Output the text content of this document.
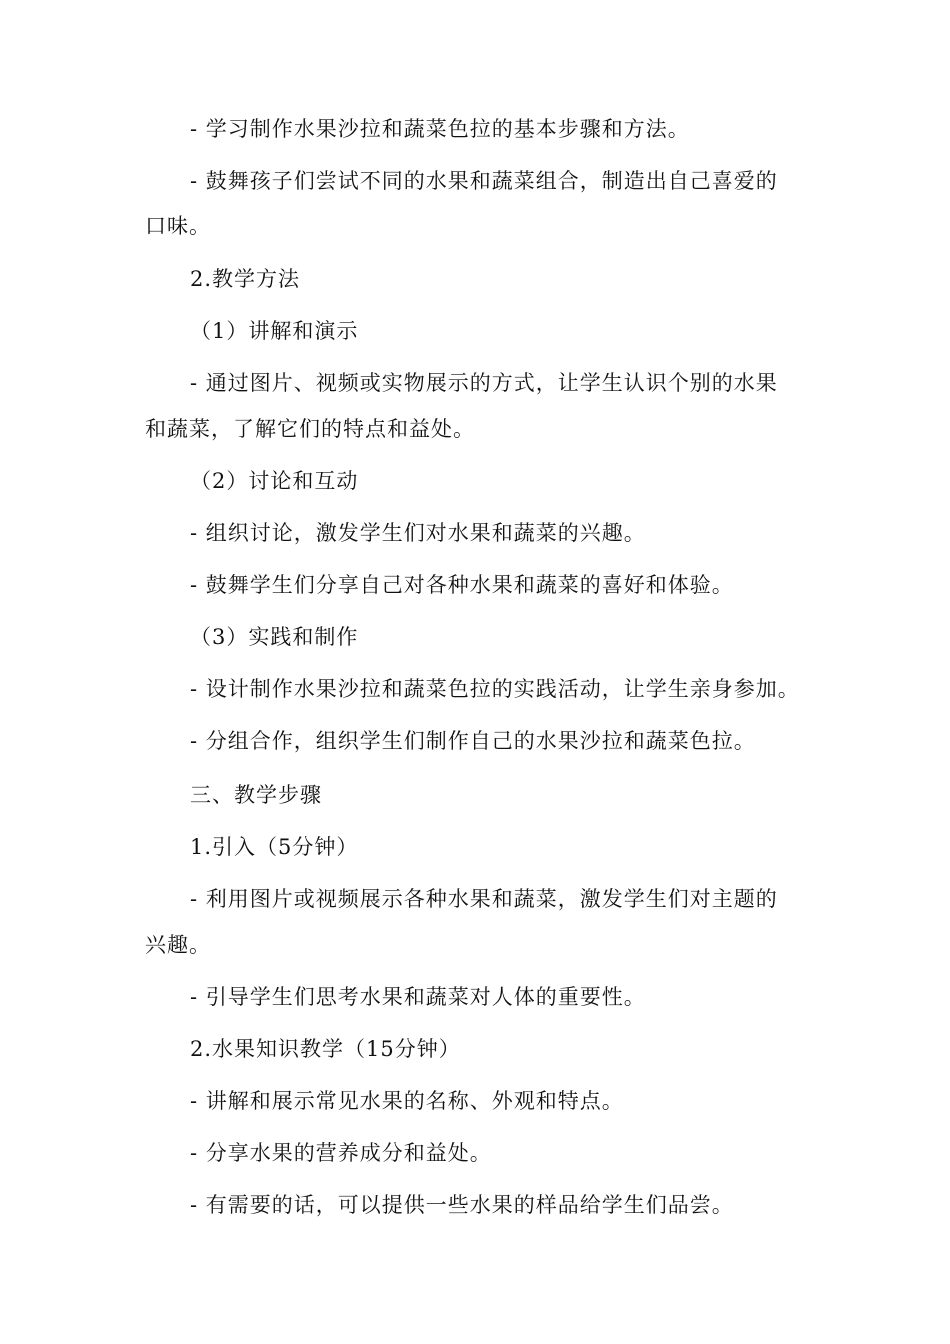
- 学习制作水果沙拉和蔬菜色拉的基本步骤和方法。
- 鼓舞孩子们尝试不同的水果和蔬菜组合，制造出自己喜爱的
口味。
2.教学方法
（1）讲解和演示
- 通过图片、视频或实物展示的方式，让学生认识个别的水果
和蔬菜，了解它们的特点和益处。
（2）讨论和互动
- 组织讨论，激发学生们对水果和蔬菜的兴趣。
- 鼓舞学生们分享自己对各种水果和蔬菜的喜好和体验。
（3）实践和制作
- 设计制作水果沙拉和蔬菜色拉的实践活动，让学生亲身参加。
- 分组合作，组织学生们制作自己的水果沙拉和蔬菜色拉。
三、教学步骤
1.引入（5分钟）
- 利用图片或视频展示各种水果和蔬菜，激发学生们对主题的
兴趣。
- 引导学生们思考水果和蔬菜对人体的重要性。
2.水果知识教学（15分钟）
- 讲解和展示常见水果的名称、外观和特点。
- 分享水果的营养成分和益处。
- 有需要的话，可以提供一些水果的样品给学生们品尝。
